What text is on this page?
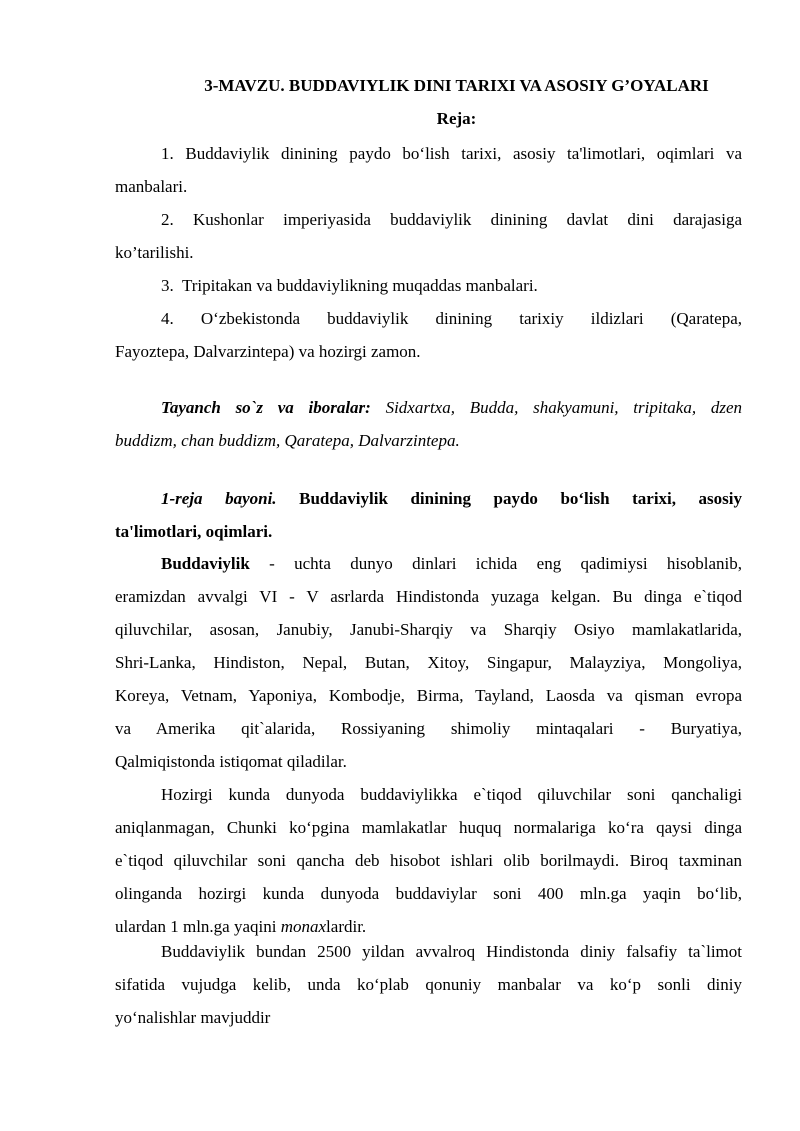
3-MAVZU. BUDDAVIYLIK DINI TARIXI VA ASOSIY G’OYALARI
Reja:
1. Buddaviylik dinining paydo bo‘lish tarixi, asosiy ta'limotlari, oqimlari va
manbalari.
2. Kushonlar imperiyasida buddaviylik dinining davlat dini darajasiga
ko’tarilishi.
3. Tripitakan va buddaviylikning muqaddas manbalari.
4. O‘zbekistonda buddaviylik dinining tarixiy ildizlari (Qaratepa,
Fayoztepa, Dalvarzintepa) va hozirgi zamon.
Tayanch so`z va iboralar: Sidxartxa, Budda, shakyamuni, tripitaka, dzen
buddizm, chan buddizm, Qaratepa, Dalvarzintepa.
1-reja bayoni. Buddaviylik dinining paydo bo‘lish tarixi, asosiy
ta'limotlari, oqimlari.
Buddaviylik - uchta dunyo dinlari ichida eng qadimiysi hisoblanib,
eramizdan avvalgi VI - V asrlarda Hindistonda yuzaga kelgan. Bu dinga e`tiqod
qiluvchilar, asosan, Janubiy, Janubi-Sharqiy va Sharqiy Osiyo mamlakatlarida,
Shri-Lanka, Hindiston, Nepal, Butan, Xitoy, Singapur, Malayziya, Mongoliya,
Koreya, Vetnam, Yaponiya, Kombodje, Birma, Tayland, Laosda va qisman evropa
va Amerika qit`alarida, Rossiyaning shimoliy mintaqalari - Buryatiya,
Qalmiqistonda istiqomat qiladilar.
Hozirgi kunda dunyoda buddaviylikka e`tiqod qiluvchilar soni qanchaligi
aniqlanmagan, Chunki ko‘pgina mamlakatlar huquq normalariga ko‘ra qaysi dinga
e`tiqod qiluvchilar soni qancha deb hisobot ishlari olib borilmaydi. Biroq taxminan
olinganda hozirgi kunda dunyoda buddaviylar soni 400 mln.ga yaqin bo‘lib,
ulardan 1 mln.ga yaqini monaxlardir.
Buddaviylik bundan 2500 yildan avvalroq Hindistonda diniy falsafiy ta`limot
sifatida vujudga kelib, unda ko‘plab qonuniy manbalar va ko‘p sonli diniy
yo‘nalishlar mavjuddir
